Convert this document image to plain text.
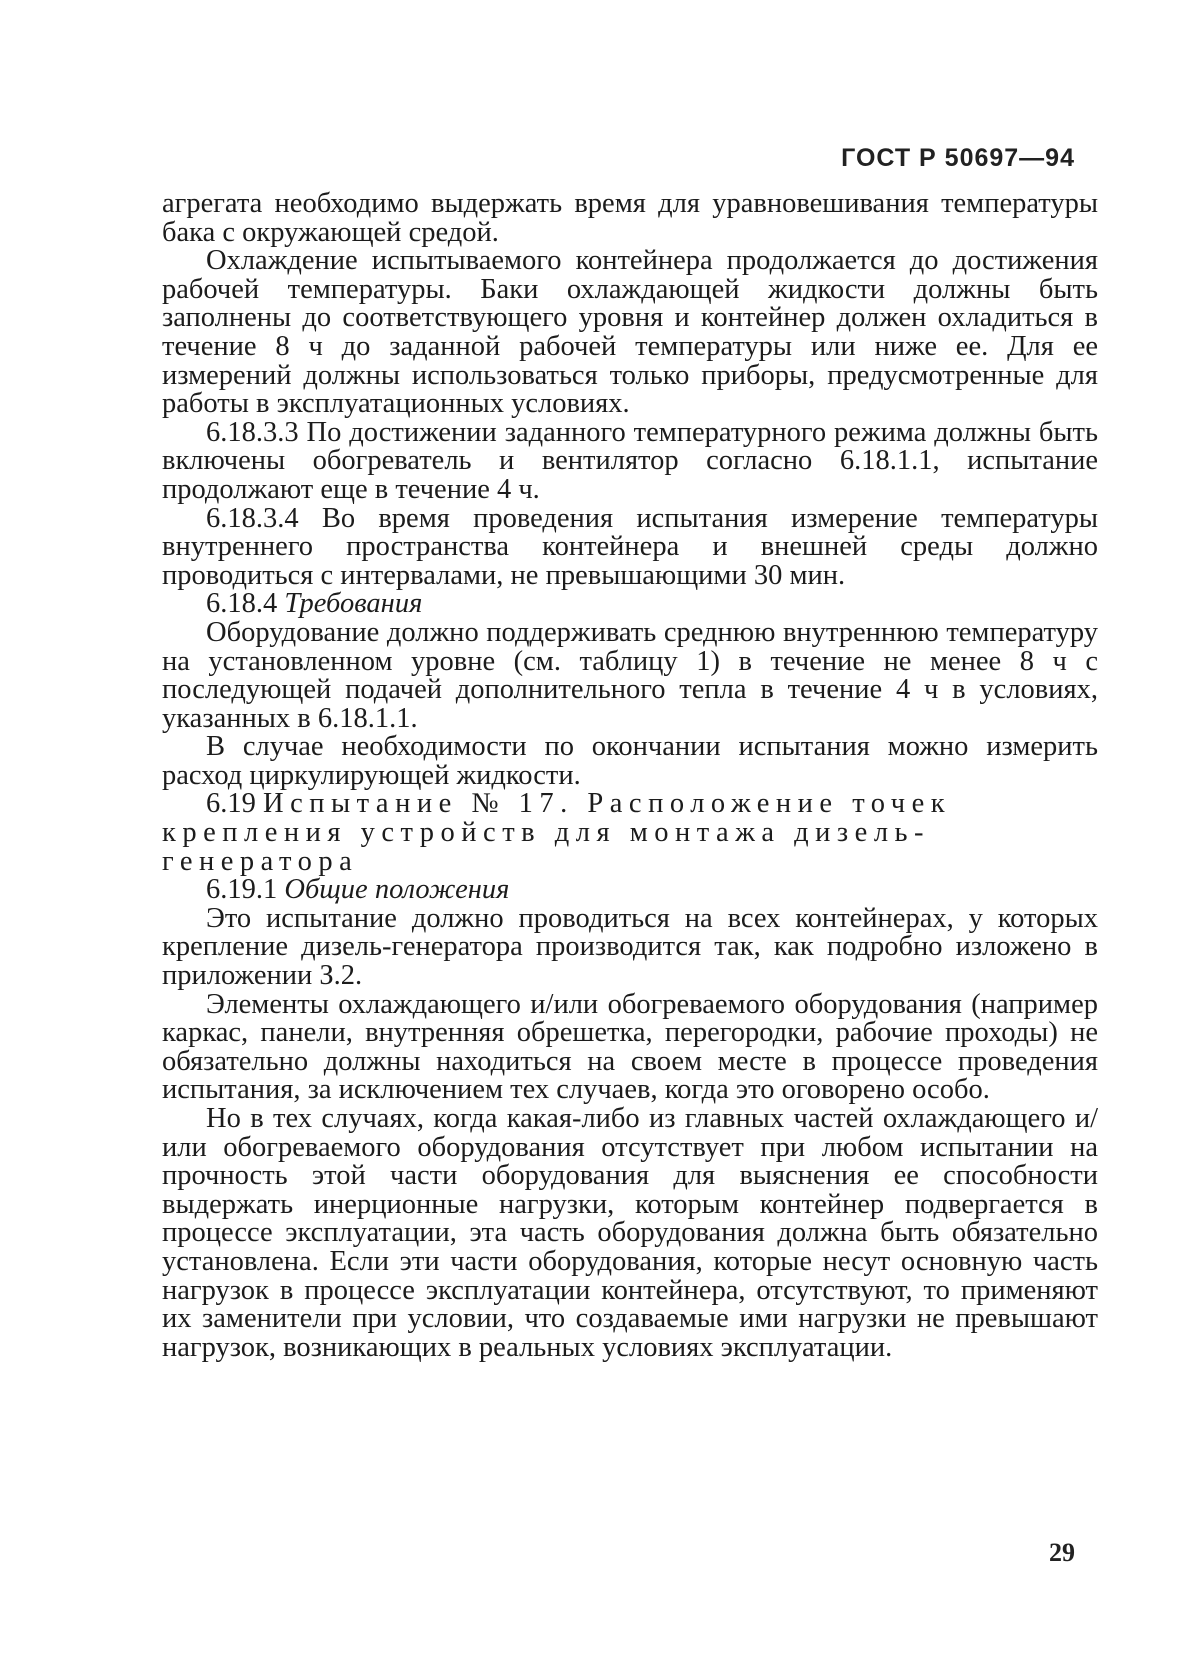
ГОСТ Р 50697—94

агрегата необходимо выдержать время для уравновешивания температуры бака с окружающей средой.

Охлаждение испытываемого контейнера продолжается до достижения рабочей температуры. Баки охлаждающей жидкости должны быть заполнены до соответствующего уровня и контейнер должен охладиться в течение 8 ч до заданной рабочей температуры или ниже ее. Для ее измерений должны использоваться только приборы, предусмотренные для работы в эксплуатационных условиях.

6.18.3.3 По достижении заданного температурного режима должны быть включены обогреватель и вентилятор согласно 6.18.1.1, испытание продолжают еще в течение 4 ч.

6.18.3.4 Во время проведения испытания измерение температуры внутреннего пространства контейнера и внешней среды должно проводиться с интервалами, не превышающими 30 мин.

6.18.4 Требования

Оборудование должно поддерживать среднюю внутреннюю температуру на установленном уровне (см. таблицу 1) в течение не менее 8 ч с последующей подачей дополнительного тепла в течение 4 ч в условиях, указанных в 6.18.1.1.

В случае необходимости по окончании испытания можно измерить расход циркулирующей жидкости.

6.19 Испытание № 17. Расположение точек крепления устройств для монтажа дизель-генератора

6.19.1 Общие положения

Это испытание должно проводиться на всех контейнерах, у которых крепление дизель-генератора производится так, как подробно изложено в приложении З.2.

Элементы охлаждающего и/или обогреваемого оборудования (например каркас, панели, внутренняя обрешетка, перегородки, рабочие проходы) не обязательно должны находиться на своем месте в процессе проведения испытания, за исключением тех случаев, когда это оговорено особо.

Но в тех случаях, когда какая-либо из главных частей охлаждающего и/или обогреваемого оборудования отсутствует при любом испытании на прочность этой части оборудования для выяснения ее способности выдержать инерционные нагрузки, которым контейнер подвергается в процессе эксплуатации, эта часть оборудования должна быть обязательно установлена. Если эти части оборудования, которые несут основную часть нагрузок в процессе эксплуатации контейнера, отсутствуют, то применяют их заменители при условии, что создаваемые ими нагрузки не превышают нагрузок, возникающих в реальных условиях эксплуатации.

29
